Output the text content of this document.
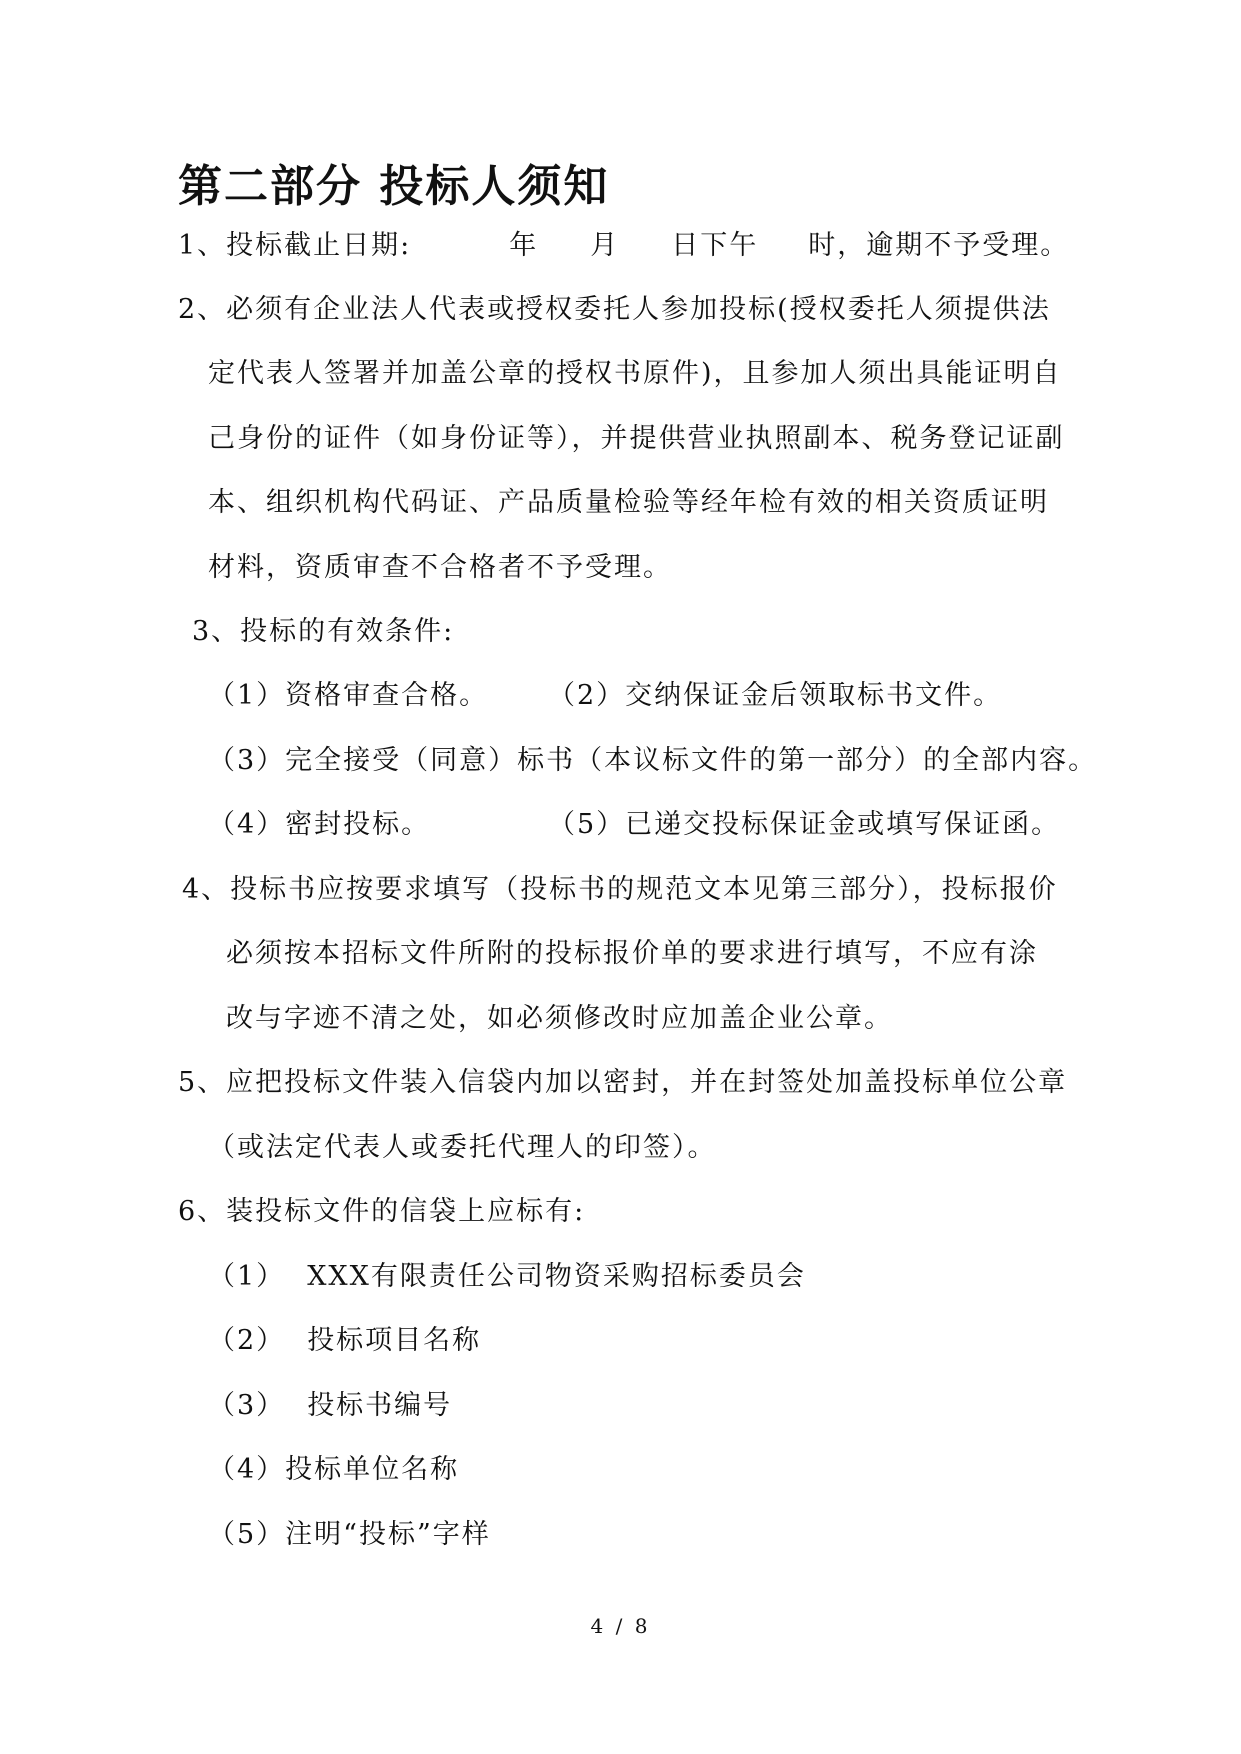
第二部分 投标人须知

1、投标截止日期:	年 月 日下午 时，逾期不予受理。

2、必须有企业法人代表或授权委托人参加投标(授权委托人须提供法

定代表人签署并加盖公章的授权书原件)，且参加人须出具能证明自

己身份的证件（如身份证等），并提供营业执照副本、税务登记证副

本、组织机构代码证、产品质量检验等经年检有效的相关资质证明

材料，资质审查不合格者不予受理。

3、投标的有效条件:

（1）资格审查合格。 （2）交纳保证金后领取标书文件。

（3）完全接受（同意）标书（本议标文件的第一部分）的全部内容。

（4）密封投标。	（5）已递交投标保证金或填写保证函。

4、投标书应按要求填写（投标书的规范文本见第三部分），投标报价

必须按本招标文件所附的投标报价单的要求进行填写，不应有涂

改与字迹不清之处，如必须修改时应加盖企业公章。

5、应把投标文件装入信袋内加以密封，并在封签处加盖投标单位公章

（或法定代表人或委托代理人的印签）。

6、装投标文件的信袋上应标有:

（1） XXX有限责任公司物资采购招标委员会

（2） 投标项目名称

（3） 投标书编号

（4）投标单位名称

（5）注明“投标”字样

4 / 8
